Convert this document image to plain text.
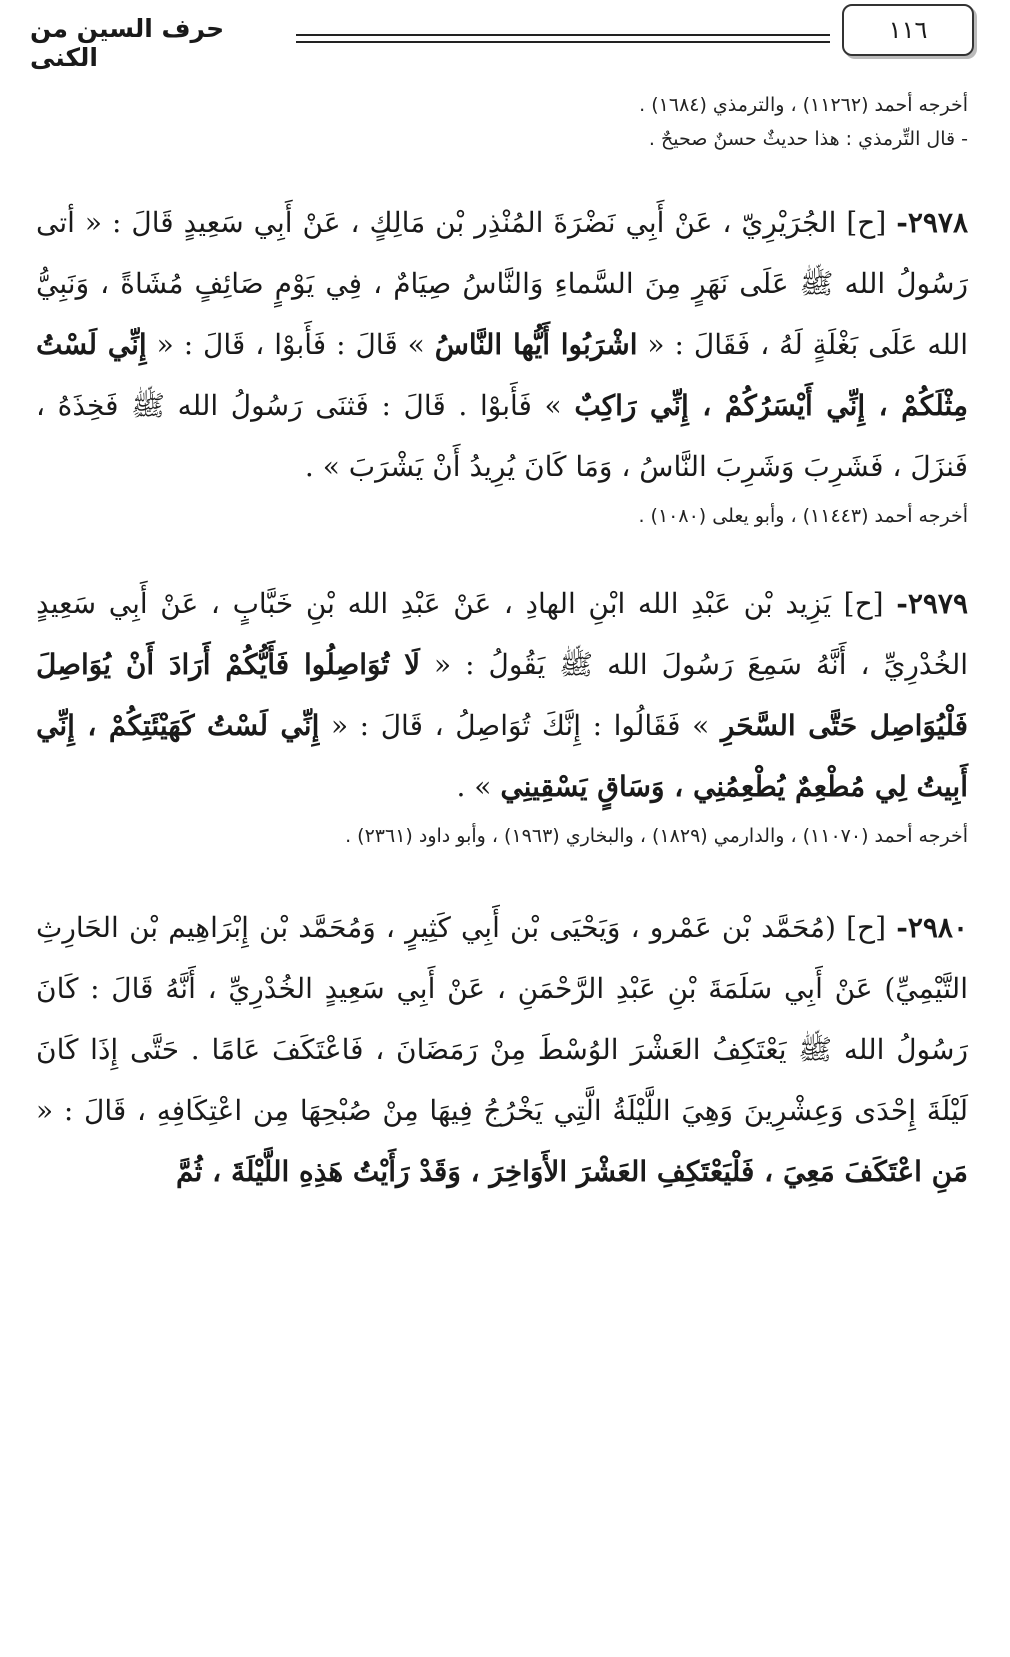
١١٦
حرف السين من الكنى

أخرجه أحمد (١١٢٦٢) ، والترمذي (١٦٨٤) .

- قال التِّرمذي : هذا حديثٌ حسنٌ صحيحٌ .

٢٩٧٨- [ح] الجُرَيْرِيّ ، عَنْ أَبِي نَضْرَةَ المُنْذِر بْن مَالِكٍ ، عَنْ أَبِي سَعِيدٍ قَالَ : « أتى رَسُولُ الله ﷺ عَلَى نَهَرٍ مِنَ السَّماءِ وَالنَّاسُ صِيَامٌ ، فِي يَوْمٍ صَائِفٍ مُشَاةً ، وَنَبِيُّ الله عَلَى بَغْلَةٍ لَهُ ، فَقَالَ : « اشْرَبُوا أَيُّها النَّاسُ » قَالَ : فَأَبوْا ، قَالَ : « إِنِّي لَسْتُ مِثْلَكُمْ ، إِنِّي أَيْسَرُكُمْ ، إِنِّي رَاكِبٌ » فَأَبوْا . قَالَ : فَثنَى رَسُولُ الله ﷺ فَخِذَهُ ، فَنزَلَ ، فَشَرِبَ وَشَرِبَ النَّاسُ ، وَمَا كَانَ يُرِيدُ أَنْ يَشْرَبَ » .

أخرجه أحمد (١١٤٤٣) ، وأبو يعلى (١٠٨٠) .

٢٩٧٩- [ح] يَزِيد بْن عَبْدِ الله ابْنِ الهادِ ، عَنْ عَبْدِ الله بْنِ خَبَّابٍ ، عَنْ أَبِي سَعِيدٍ الخُدْرِيِّ ، أَنَّهُ سَمِعَ رَسُولَ الله ﷺ يَقُولُ : « لَا تُوَاصِلُوا فَأَيُّكُمْ أَرَادَ أَنْ يُوَاصِلَ فَلْيُوَاصِل حَتَّى السَّحَرِ » فَقَالُوا : إِنَّكَ تُوَاصِلُ ، قَالَ : « إِنِّي لَسْتُ كَهَيْئَتِكُمْ ، إِنِّي أَبِيتُ لِي مُطْعِمٌ يُطْعِمُنِي ، وَسَاقٍ يَسْقِينِي » .

أخرجه أحمد (١١٠٧٠) ، والدارمي (١٨٢٩) ، والبخاري (١٩٦٣) ، وأبو داود (٢٣٦١) .

٢٩٨٠- [ح] (مُحَمَّد بْن عَمْرو ، وَيَحْيَى بْن أَبِي كَثِيرٍ ، وَمُحَمَّد بْن إِبْرَاهِيم بْن الحَارِثِ التَّيْمِيِّ) عَنْ أَبِي سَلَمَةَ بْنِ عَبْدِ الرَّحْمَنِ ، عَنْ أَبِي سَعِيدٍ الخُدْرِيِّ ، أَنَّهُ قَالَ : كَانَ رَسُولُ الله ﷺ يَعْتَكِفُ العَشْرَ الوُسْطَ مِنْ رَمَضَانَ ، فَاعْتَكَفَ عَامًا . حَتَّى إِذَا كَانَ لَيْلَةَ إِحْدَى وَعِشْرِينَ وَهِيَ اللَّيْلَةُ الَّتِي يَخْرُجُ فِيهَا مِنْ صُبْحِهَا مِن اعْتِكَافِهِ ، قَالَ : « مَنِ اعْتَكَفَ مَعِيَ ، فَلْيَعْتَكِفِ العَشْرَ الأَوَاخِرَ ، وَقَدْ رَأَيْتُ هَذِهِ اللَّيْلَةَ ، ثُمَّ
